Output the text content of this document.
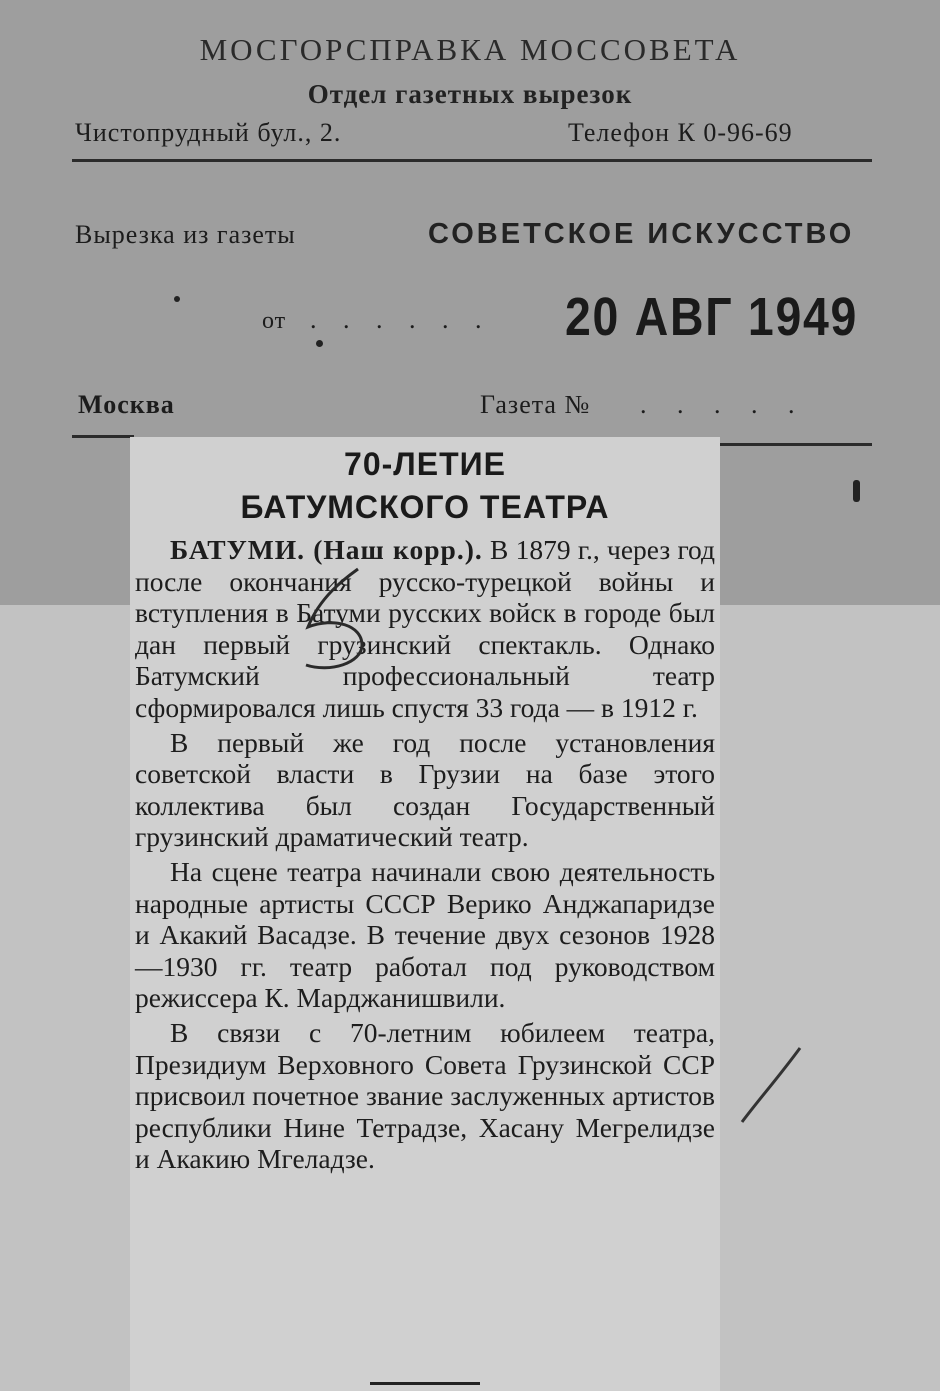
МОСГОРСПРАВКА МОССОВЕТА
Отдел газетных вырезок
Чистопрудный бул., 2.	Телефон К 0-96-69
Вырезка из газеты	СОВЕТСКОЕ ИСКУССТВО
от . . . . . . 20 АВГ 1949
Москва	Газета № . . . . .
70-ЛЕТИЕ
БАТУМСКОГО ТЕАТРА

БАТУМИ. (Наш корр.). В 1879 г., через год после окончания русско-турецкой войны и вступления в Батуми русских войск в городе был дан первый грузинский спектакль. Однако Батумский профессиональный театр сформировался лишь спустя 33 года — в 1912 г.

В первый же год после установления советской власти в Грузии на базе этого коллектива был создан Государственный грузинский драматический театр.

На сцене театра начинали свою деятельность народные артисты СССР Верико Анджапаридзе и Акакий Васадзе. В течение двух сезонов 1928—1930 гг. театр работал под руководством режиссера К. Марджанишвили.

В связи с 70-летним юбилеем театра, Президиум Верховного Совета Грузинской ССР присвоил почетное звание заслуженных артистов республики Нине Тетрадзе, Хасану Мегрелидзе и Акакию Мгеладзе.
